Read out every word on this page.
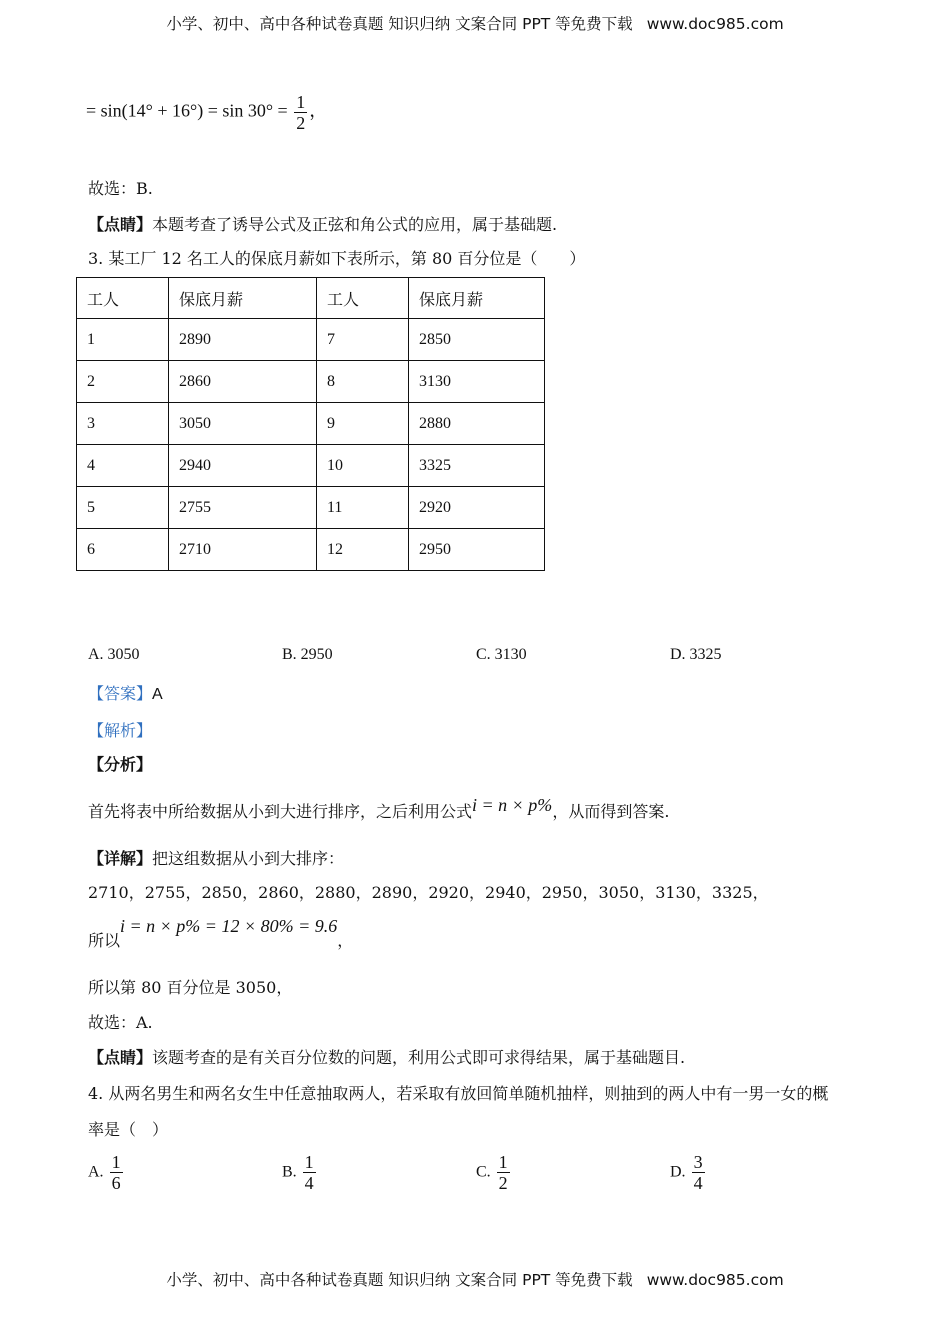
小学、初中、高中各种试卷真题 知识归纳 文案合同 PPT 等免费下载 www.doc985.com
= $\sin(14^\circ + 16^\circ) = \sin 30^\circ = \frac{1}{2}$ ，
故选：B.
【点睛】本题考查了诱导公式及正弦和角公式的应用，属于基础题.
3. 某工厂 12 名工人的保底月薪如下表所示，第 80 百分位是（　　）
工人	保底月薪	工人	保底月薪
1	2890	7	2850
2	2860	8	3130
3	3050	9	2880
4	2940	10	3325
5	2755	11	2920
6	2710	12	2950
A. 3050	B. 2950	C. 3130	D. 3325
【答案】A
【解析】
【分析】
首先将表中所给数据从小到大进行排序，之后利用公式i = n × p%，从而得到答案.
【详解】把这组数据从小到大排序：
2710，2755，2850，2860，2880，2890，2920，2940，2950，3050，3130，3325，
所以i = n × p% = 12 × 80% = 9.6，
所以第 80 百分位是 3050，
故选：A.
【点睛】该题考查的是有关百分位数的问题，利用公式即可求得结果，属于基础题目.
4. 从两名男生和两名女生中任意抽取两人，若采取有放回简单随机抽样，则抽到的两人中有一男一女的概
率是（　）
A. $\frac{1}{6}$	B. $\frac{1}{4}$	C. $\frac{1}{2}$	D. $\frac{3}{4}$
小学、初中、高中各种试卷真题 知识归纳 文案合同 PPT 等免费下载 www.doc985.com
